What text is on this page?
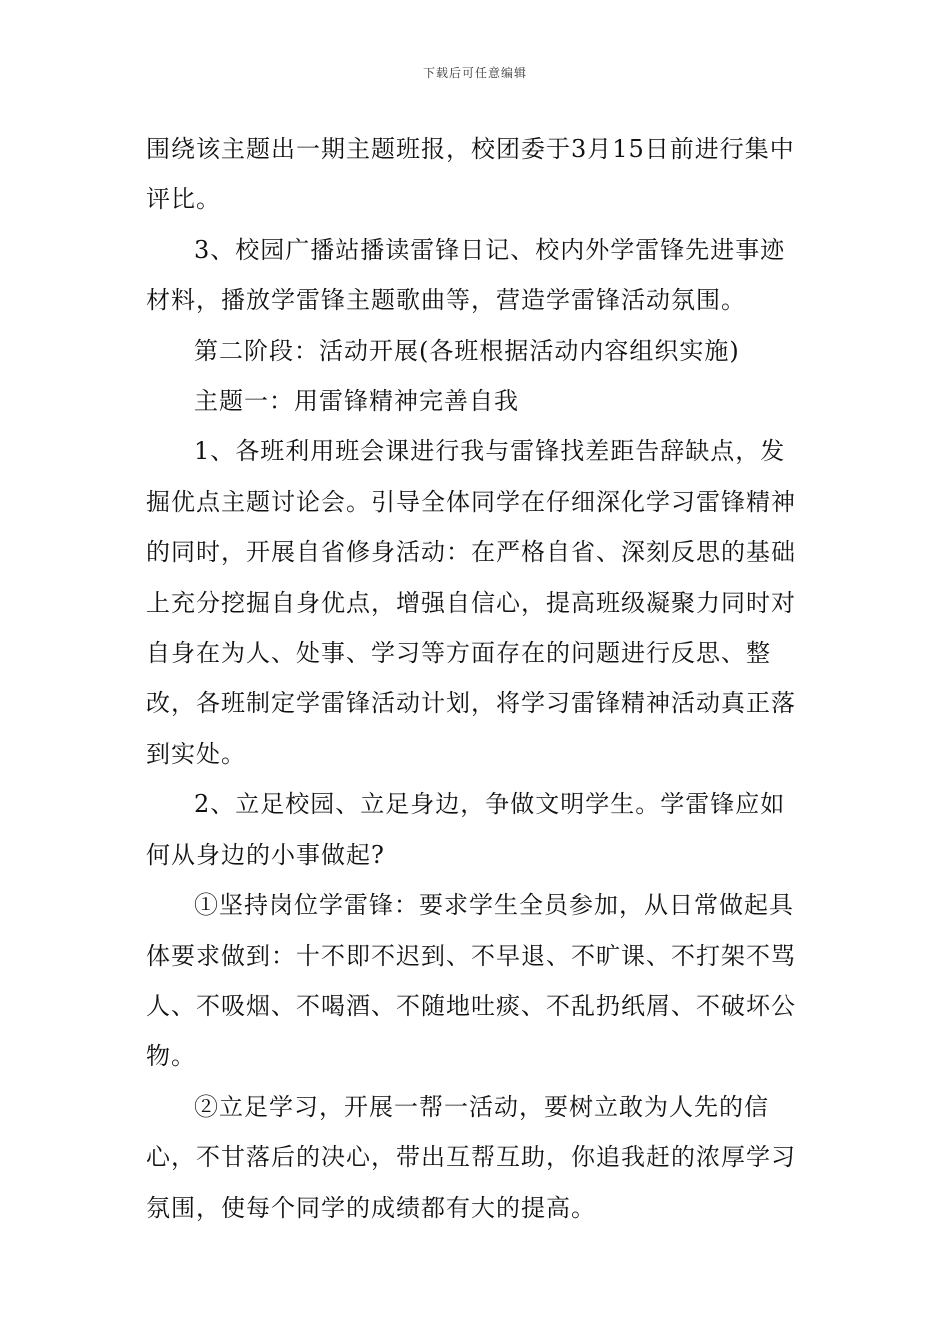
下载后可任意编辑

围绕该主题出一期主题班报，校团委于3月15日前进行集中评比。

3、校园广播站播读雷锋日记、校内外学雷锋先进事迹材料，播放学雷锋主题歌曲等，营造学雷锋活动氛围。

第二阶段：活动开展(各班根据活动内容组织实施)

主题一：用雷锋精神完善自我

1、各班利用班会课进行我与雷锋找差距告辞缺点，发掘优点主题讨论会。引导全体同学在仔细深化学习雷锋精神的同时，开展自省修身活动：在严格自省、深刻反思的基础上充分挖掘自身优点，增强自信心，提高班级凝聚力同时对自身在为人、处事、学习等方面存在的问题进行反思、整改，各班制定学雷锋活动计划，将学习雷锋精神活动真正落到实处。

2、立足校园、立足身边，争做文明学生。学雷锋应如何从身边的小事做起?

①坚持岗位学雷锋：要求学生全员参加，从日常做起具体要求做到：十不即不迟到、不早退、不旷课、不打架不骂人、不吸烟、不喝酒、不随地吐痰、不乱扔纸屑、不破坏公物。

②立足学习，开展一帮一活动，要树立敢为人先的信心，不甘落后的决心，带出互帮互助，你追我赶的浓厚学习氛围，使每个同学的成绩都有大的提高。
